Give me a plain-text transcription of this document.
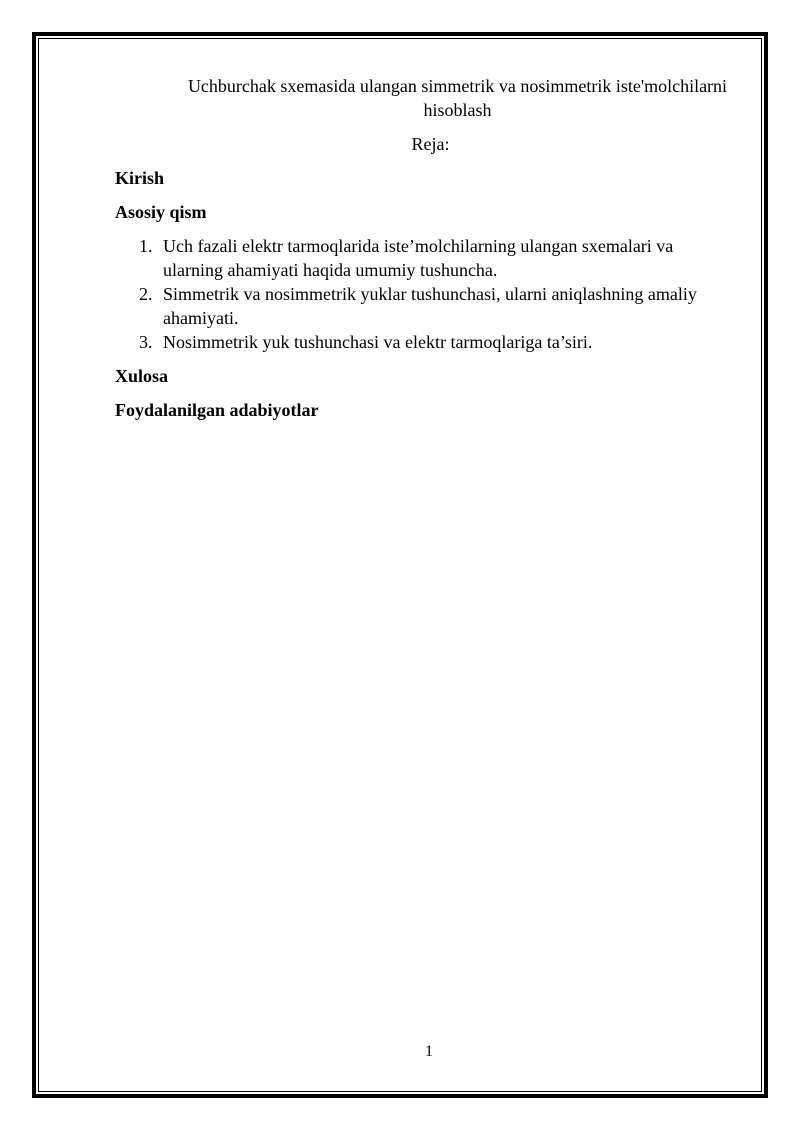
Uchburchak sxemasida ulangan simmetrik va nosimmetrik iste'molchilarni hisoblash

Reja:

Kirish

Asosiy qism

1. Uch fazali elektr tarmoqlarida iste’molchilarning ulangan sxemalari va ularning ahamiyati haqida umumiy tushuncha.
2. Simmetrik va nosimmetrik yuklar tushunchasi, ularni aniqlashning amaliy ahamiyati.
3. Nosimmetrik yuk tushunchasi va elektr tarmoqlariga ta’siri.

Xulosa

Foydalanilgan adabiyotlar

1
